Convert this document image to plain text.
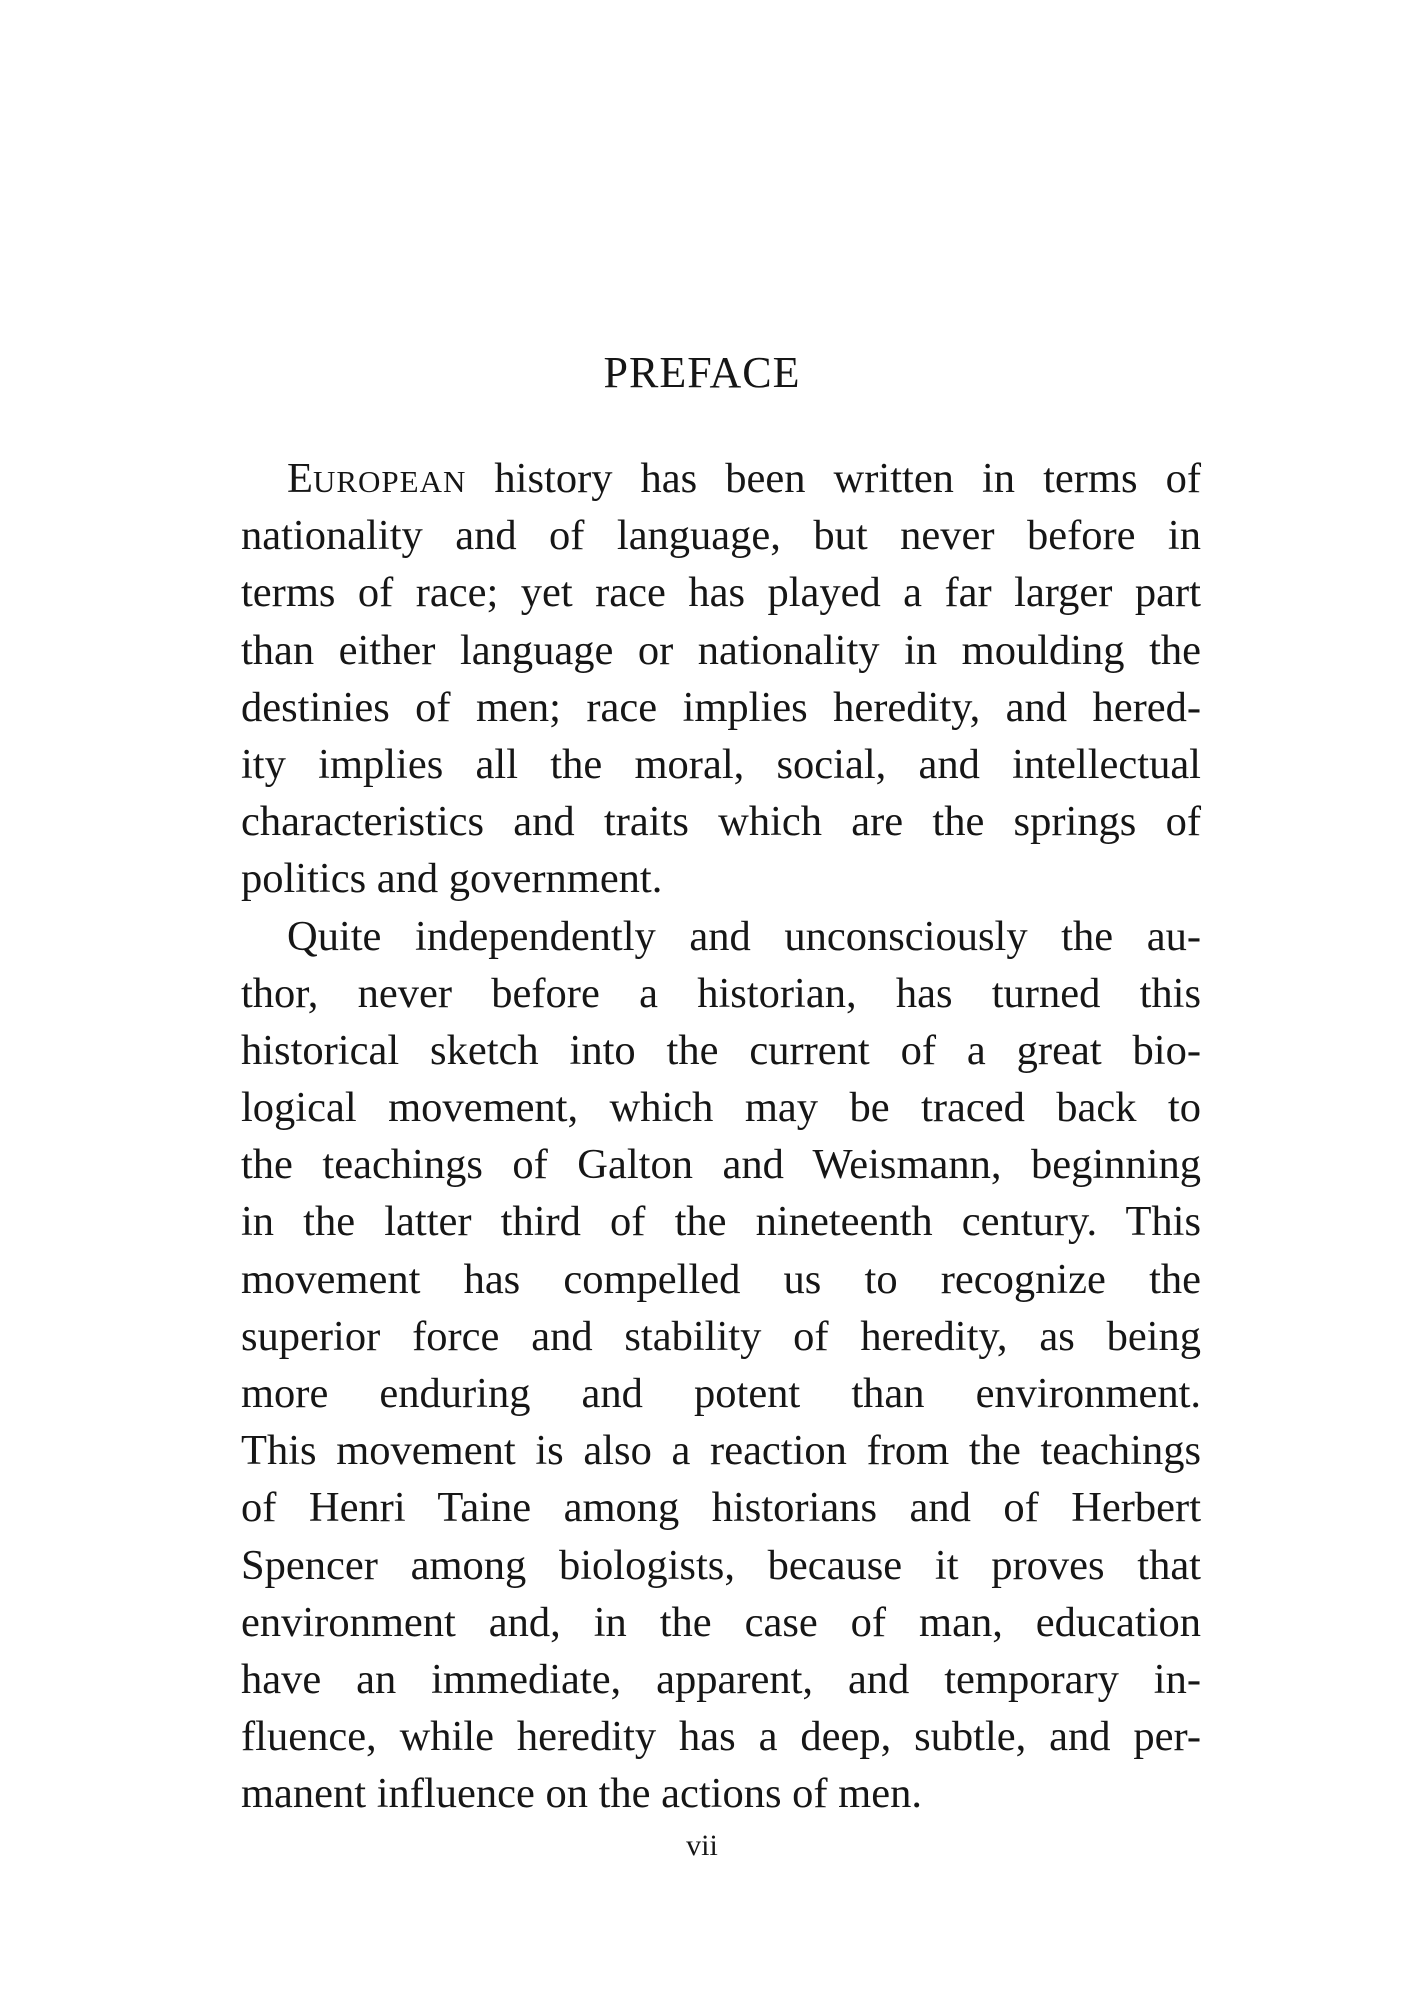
PREFACE
EUROPEAN history has been written in terms of
nationality and of language, but never before in
terms of race; yet race has played a far larger part
than either language or nationality in moulding the
destinies of men; race implies heredity, and hered-
ity implies all the moral, social, and intellectual
characteristics and traits which are the springs of
politics and government.
Quite independently and unconsciously the au-
thor, never before a historian, has turned this
historical sketch into the current of a great bio-
logical movement, which may be traced back to
the teachings of Galton and Weismann, beginning
in the latter third of the nineteenth century. This
movement has compelled us to recognize the
superior force and stability of heredity, as being
more enduring and potent than environment.
This movement is also a reaction from the teachings
of Henri Taine among historians and of Herbert
Spencer among biologists, because it proves that
environment and, in the case of man, education
have an immediate, apparent, and temporary in-
fluence, while heredity has a deep, subtle, and per-
manent influence on the actions of men.
vii
